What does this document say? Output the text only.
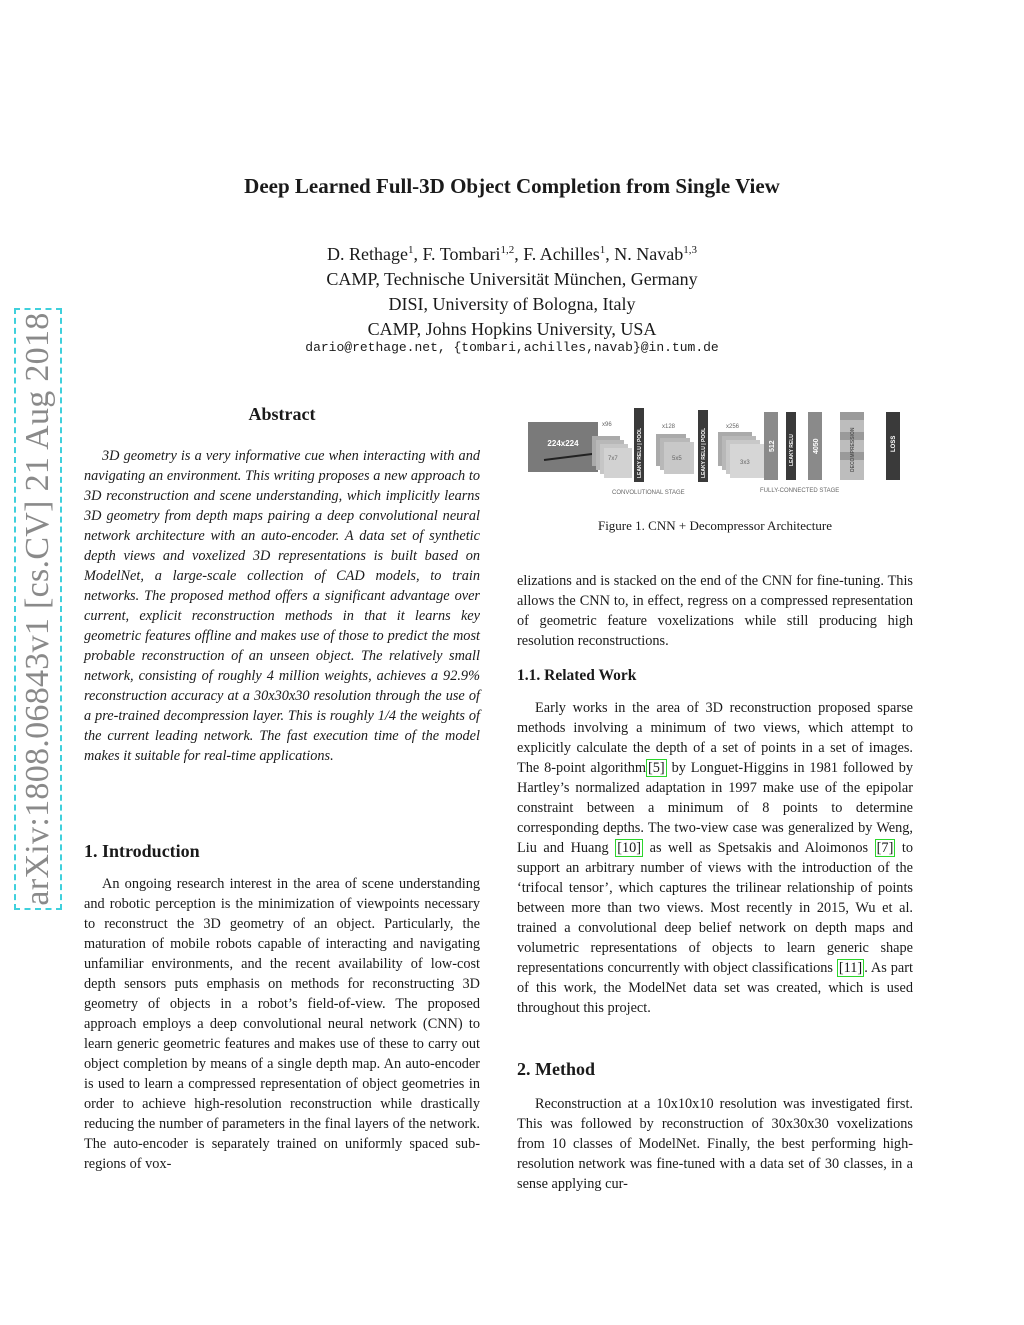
arXiv:1808.06843v1 [cs.CV] 21 Aug 2018
Deep Learned Full-3D Object Completion from Single View
D. Rethage$^1$, F. Tombari$^{1,2}$, F. Achilles$^1$, N. Navab$^{1,3}$
CAMP, Technische Universität München, Germany
DISI, University of Bologna, Italy
CAMP, Johns Hopkins University, USA
dario@rethage.net, {tombari,achilles,navab}@in.tum.de
Abstract

3D geometry is a very informative cue when interacting with and navigating an environment. This writing proposes a new approach to 3D reconstruction and scene understanding, which implicitly learns 3D geometry from depth maps pairing a deep convolutional neural network architecture with an auto-encoder. A data set of synthetic depth views and voxelized 3D representations is built based on ModelNet, a large-scale collection of CAD models, to train networks. The proposed method offers a significant advantage over current, explicit reconstruction methods in that it learns key geometric features offline and makes use of those to predict the most probable reconstruction of an unseen object. The relatively small network, consisting of roughly 4 million weights, achieves a 92.9% reconstruction accuracy at a 30x30x30 resolution through the use of a pre-trained decompression layer. This is roughly 1/4 the weights of the current leading network. The fast execution time of the model makes it suitable for real-time applications.

1. Introduction

An ongoing research interest in the area of scene understanding and robotic perception is the minimization of viewpoints necessary to reconstruct the 3D geometry of an object. Particularly, the maturation of mobile robots capable of interacting and navigating unfamiliar environments, and the recent availability of low-cost depth sensors puts emphasis on methods for reconstructing 3D geometry of objects in a robot’s field-of-view. The proposed approach employs a deep convolutional neural network (CNN) to learn generic geometric features and makes use of these to carry out object completion by means of a single depth map. An auto-encoder is used to learn a compressed representation of object geometries in order to achieve high-resolution reconstruction while drastically reducing the number of parameters in the final layers of the network. The auto-encoder is separately trained on uniformly spaced sub-regions of vox-

224x224
x96
7x7	LEAKY RELU | POOL
x128
5x5	LEAKY RELU | POOL
x256
3x3
512	LEAKY RELU	4050	DECOMPRESSION	LOSS
CONVOLUTIONAL STAGE	FULLY-CONNECTED STAGE
Figure 1. CNN + Decompressor Architecture

elizations and is stacked on the end of the CNN for fine-tuning. This allows the CNN to, in effect, regress on a compressed representation of geometric feature voxelizations while still producing high resolution reconstructions.

1.1. Related Work

Early works in the area of 3D reconstruction proposed sparse methods involving a minimum of two views, which attempt to explicitly calculate the depth of a set of points in a set of images. The 8-point algorithm [5] by Longuet-Higgins in 1981 followed by Hartley’s normalized adaptation in 1997 make use of the epipolar constraint between a minimum of 8 points to determine corresponding depths. The two-view case was generalized by Weng, Liu and Huang [10] as well as Spetsakis and Aloimonos [7] to support an arbitrary number of views with the introduction of the ‘trifocal tensor’, which captures the trilinear relationship of points between more than two views. Most recently in 2015, Wu et al. trained a convolutional deep belief network on depth maps and volumetric representations of objects to learn generic shape representations concurrently with object classifications [11] . As part of this work, the ModelNet data set was created, which is used throughout this project.

2. Method

Reconstruction at a 10x10x10 resolution was investigated first. This was followed by reconstruction of 30x30x30 voxelizations from 10 classes of ModelNet. Finally, the best performing high-resolution network was fine-tuned with a data set of 30 classes, in a sense applying cur-
